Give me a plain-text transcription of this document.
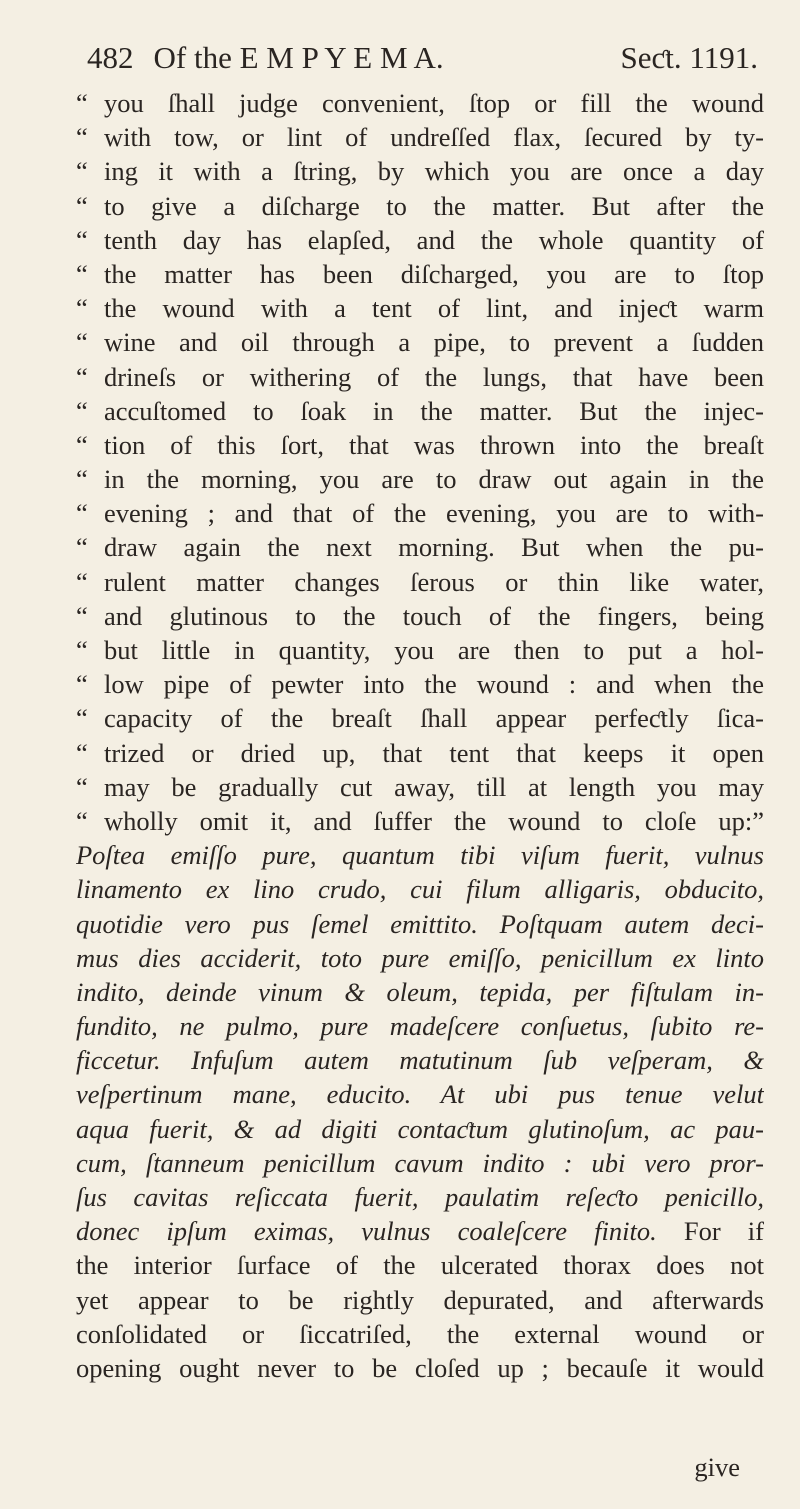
482 Of the E M P Y E M A.	Seƈt. 1191.
“ you ſhall judge convenient, ſtop or fill the wound
“ with tow, or lint of undreſſed flax, ſecured by ty-
“ ing it with a ſtring, by which you are once a day
“ to give a diſcharge to the matter. But after the
“ tenth day has elapſed, and the whole quantity of
“ the matter has been diſcharged, you are to ſtop
“ the wound with a tent of lint, and injeƈt warm
“ wine and oil through a pipe, to prevent a ſudden
“ drineſs or withering of the lungs, that have been
“ accuſtomed to ſoak in the matter. But the injec-
“ tion of this ſort, that was thrown into the breaſt
“ in the morning, you are to draw out again in the
“ evening ; and that of the evening, you are to with-
“ draw again the next morning. But when the pu-
“ rulent matter changes ſerous or thin like water,
“ and glutinous to the touch of the fingers, being
“ but little in quantity, you are then to put a hol-
“ low pipe of pewter into the wound : and when the
“ capacity of the breaſt ſhall appear perfeƈtly ſica-
“ trized or dried up, that tent that keeps it open
“ may be gradually cut away, till at length you may
“ wholly omit it, and ſuffer the wound to cloſe up:”
Poſtea emiſſo pure, quantum tibi viſum fuerit, vulnus
linamento ex lino crudo, cui filum alligaris, obducito,
quotidie vero pus ſemel emittito. Poſtquam autem deci-
mus dies acciderit, toto pure emiſſo, penicillum ex linto
indito, deinde vinum & oleum, tepida, per fiſtulam in-
fundito, ne pulmo, pure madeſcere conſuetus, ſubito re-
ficcetur. Infuſum autem matutinum ſub veſperam, &
veſpertinum mane, educito. At ubi pus tenue velut
aqua fuerit, & ad digiti contaƈtum glutinoſum, ac pau-
cum, ſtanneum penicillum cavum indito : ubi vero pror-
ſus cavitas reſiccata fuerit, paulatim reſeƈto penicillo,
donec ipſum eximas, vulnus coaleſcere finito. For if
the interior ſurface of the ulcerated thorax does not
yet appear to be rightly depurated, and afterwards
conſolidated or ſiccatriſed, the external wound or
opening ought never to be cloſed up ; becauſe it would
give
